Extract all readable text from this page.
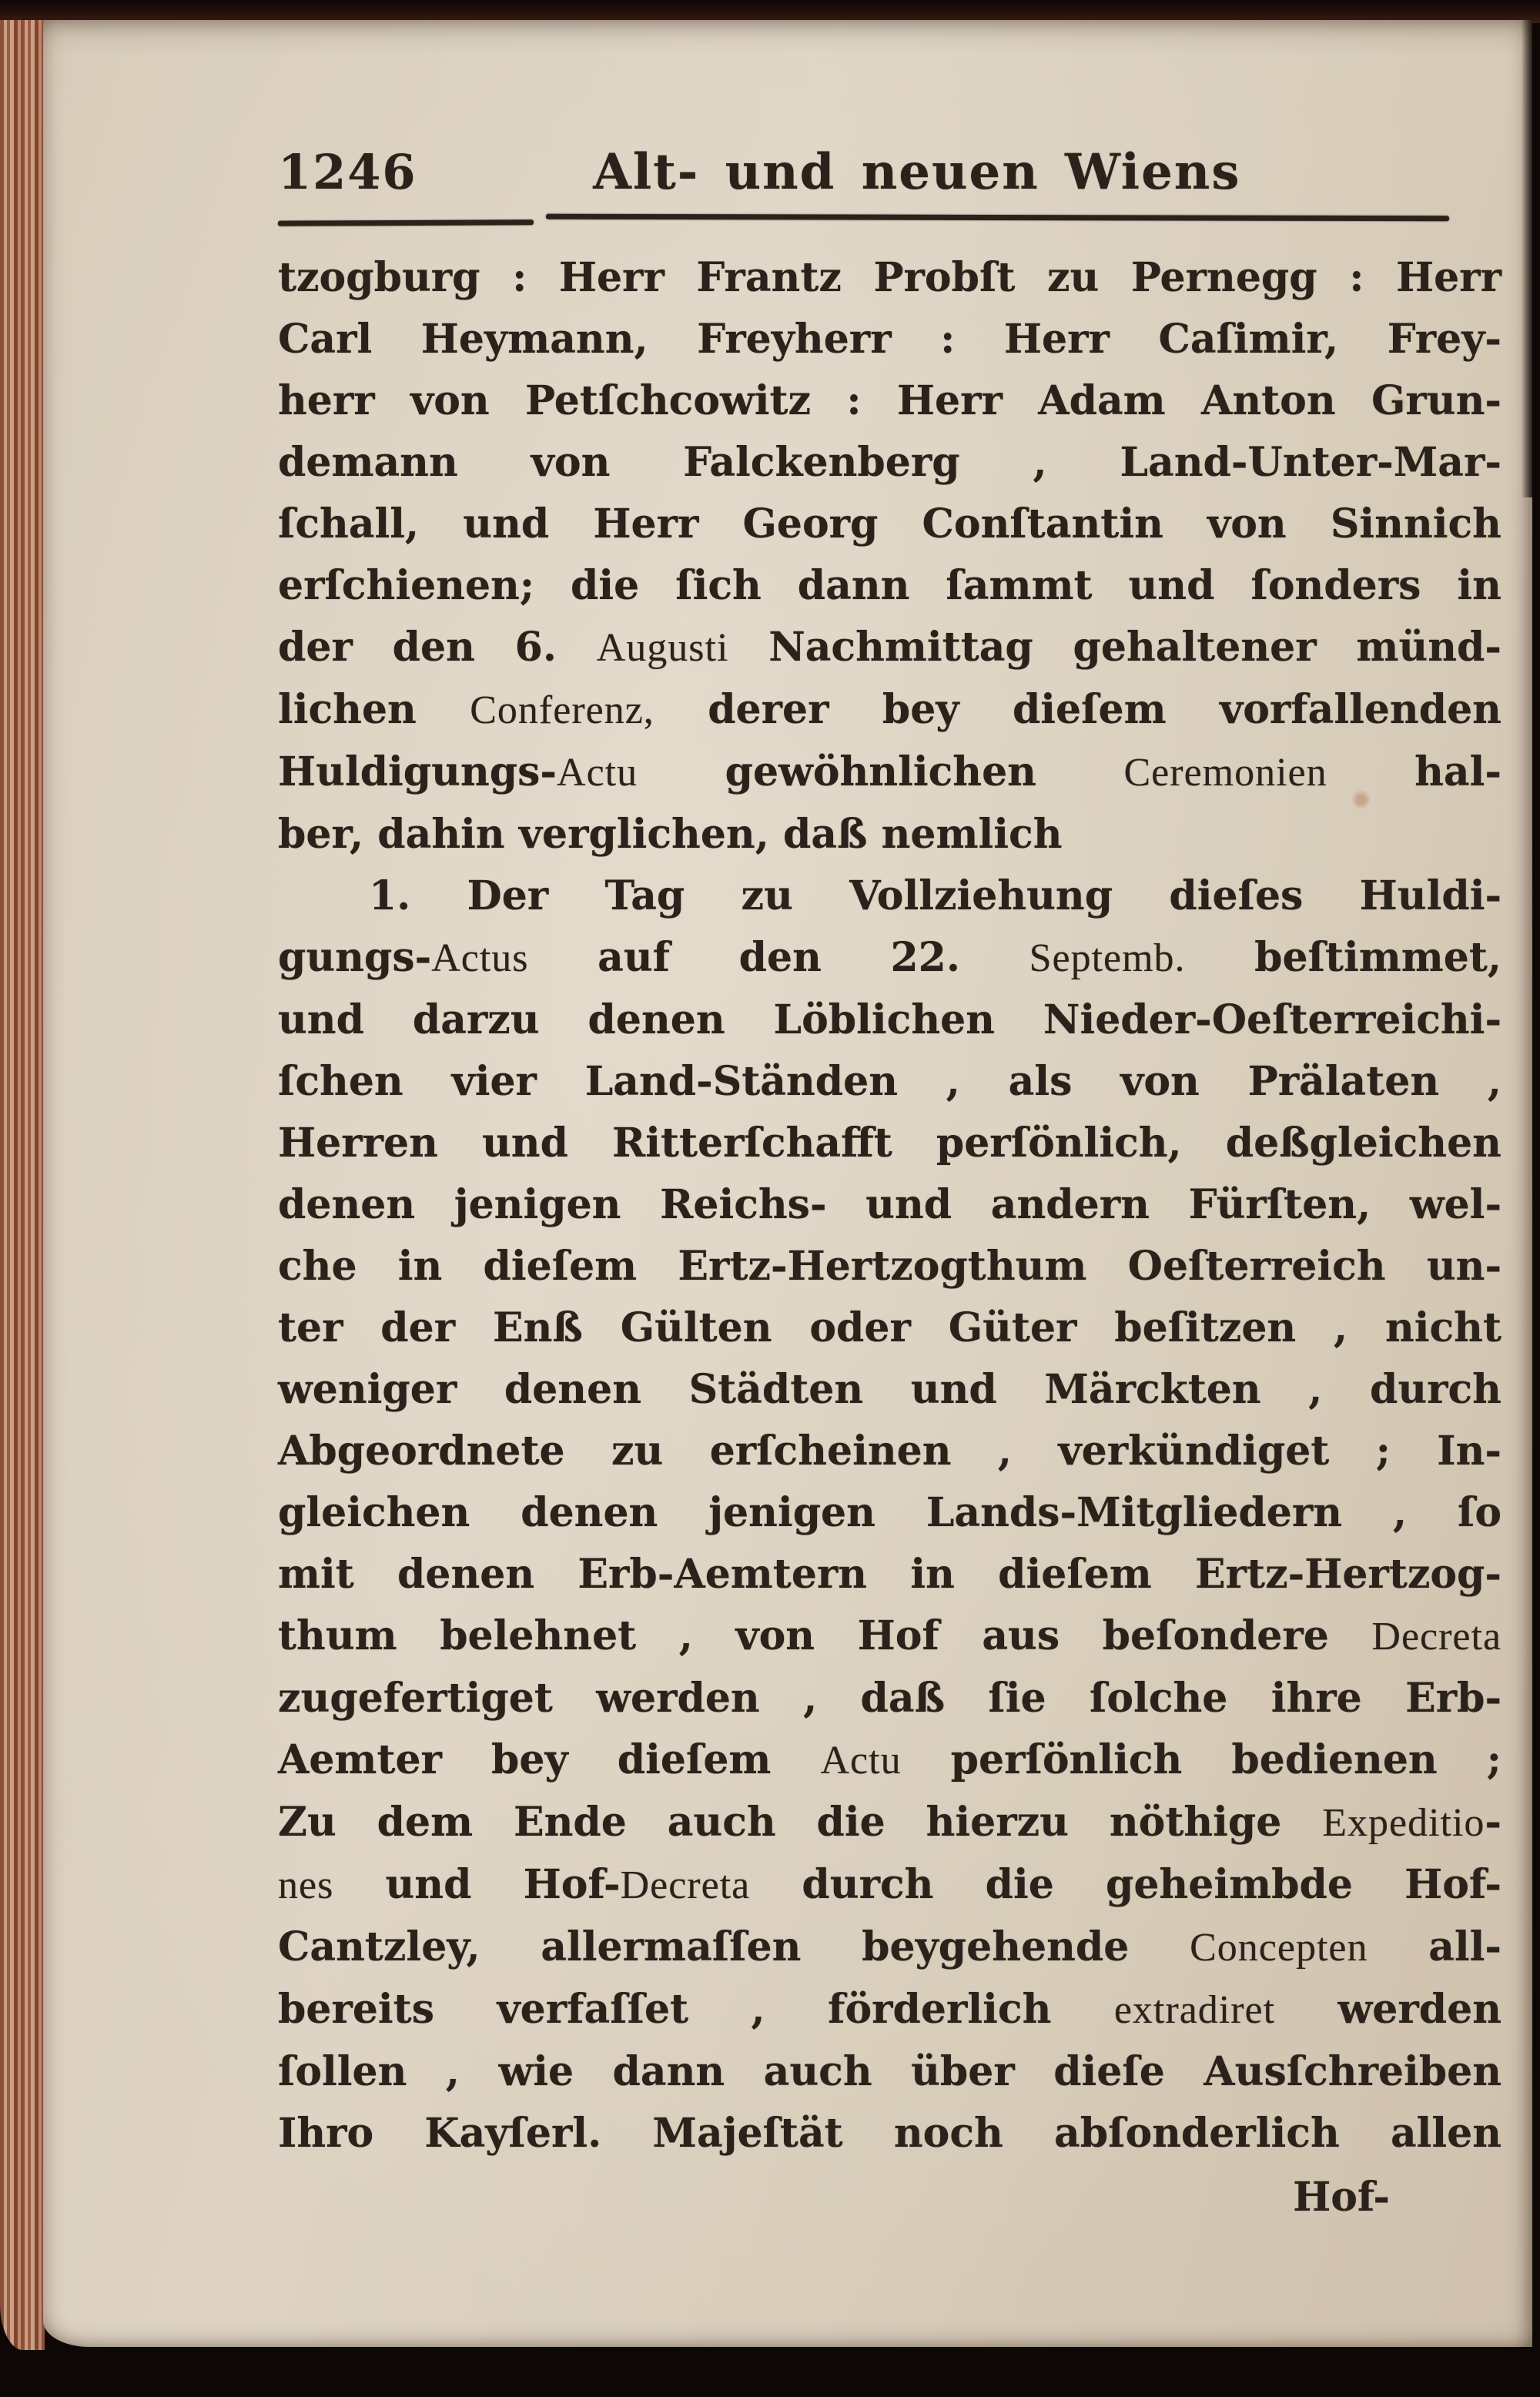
1246	Alt- und neuen Wiens
tzogburg : Herr Frantz Probſt zu Pernegg : Herr
Carl Heymann, Freyherr : Herr Caſimir, Frey-
herr von Petſchcowitz : Herr Adam Anton Grun-
demann von Falckenberg , Land-Unter-Mar-
ſchall, und Herr Georg Conſtantin von Sinnich
erſchienen; die ſich dann ſammt und ſonders in
der den 6. Augusti Nachmittag gehaltener münd-
lichen Conferenz, derer bey dieſem vorfallenden
Huldigungs-Actu gewöhnlichen Ceremonien hal-
ber, dahin verglichen, daß nemlich
1. Der Tag zu Vollziehung dieſes Huldi-
gungs-Actus auf den 22. Septemb. beſtimmet,
und darzu denen Löblichen Nieder-Oeſterreichi-
ſchen vier Land-Ständen , als von Prälaten ,
Herren und Ritterſchafft perſönlich, deßgleichen
denen jenigen Reichs- und andern Fürſten, wel-
che in dieſem Ertz-Hertzogthum Oeſterreich un-
ter der Enß Gülten oder Güter beſitzen , nicht
weniger denen Städten und Märckten , durch
Abgeordnete zu erſcheinen , verkündiget ; In-
gleichen denen jenigen Lands-Mitgliedern , ſo
mit denen Erb-Aemtern in dieſem Ertz-Hertzog-
thum belehnet , von Hof aus beſondere Decreta
zugefertiget werden , daß ſie ſolche ihre Erb-
Aemter bey dieſem Actu perſönlich bedienen ;
Zu dem Ende auch die hierzu nöthige Expeditio-
nes und Hof-Decreta durch die geheimbde Hof-
Cantzley, allermaſſen beygehende Concepten all-
bereits verfaſſet , förderlich extradiret werden
ſollen , wie dann auch über dieſe Ausſchreiben
Ihro Kayſerl. Majeſtät noch abſonderlich allen
Hof-
